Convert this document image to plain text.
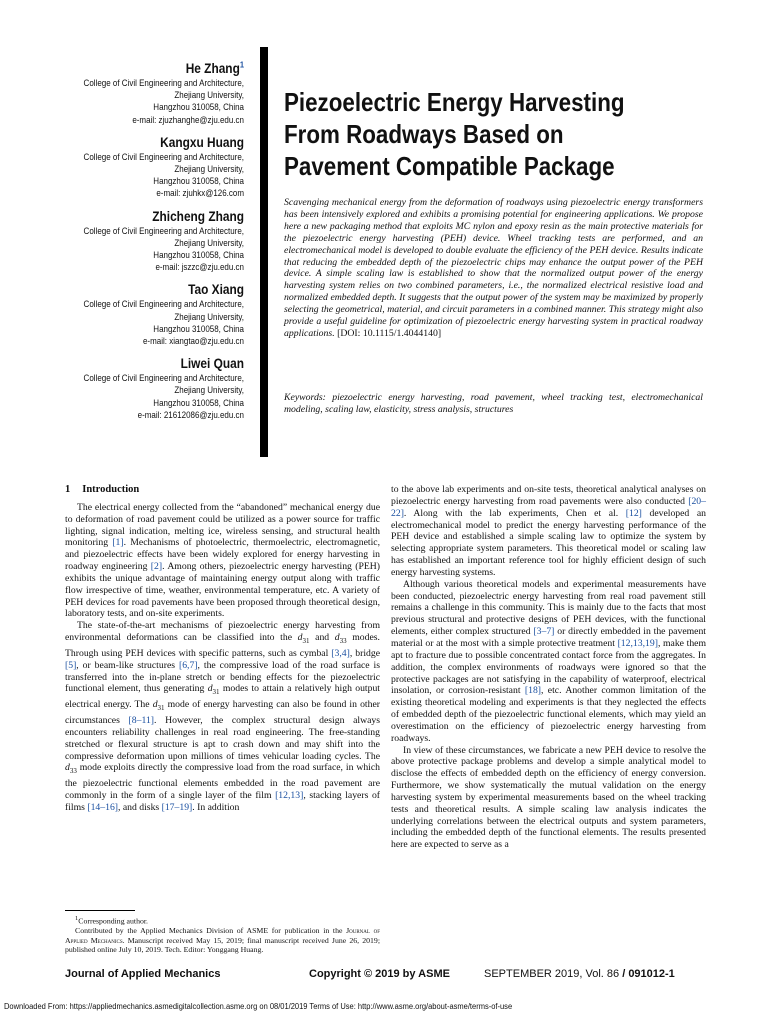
He Zhang$^1$
College of Civil Engineering and Architecture,
Zhejiang University,
Hangzhou 310058, China
e-mail: zjuzhanghe@zju.edu.cn
Kangxu Huang
College of Civil Engineering and Architecture,
Zhejiang University,
Hangzhou 310058, China
e-mail: zjuhkx@126.com
Zhicheng Zhang
College of Civil Engineering and Architecture,
Zhejiang University,
Hangzhou 310058, China
e-mail: jszzc@zju.edu.cn
Tao Xiang
College of Civil Engineering and Architecture,
Zhejiang University,
Hangzhou 310058, China
e-mail: xiangtao@zju.edu.cn
Liwei Quan
College of Civil Engineering and Architecture,
Zhejiang University,
Hangzhou 310058, China
e-mail: 21612086@zju.edu.cn
Piezoelectric Energy Harvesting
From Roadways Based on
Pavement Compatible Package

Scavenging mechanical energy from the deformation of roadways using piezoelectric energy transformers has been intensively explored and exhibits a promising potential for engineering applications. We propose here a new packaging method that exploits MC nylon and epoxy resin as the main protective materials for the piezoelectric energy harvesting (PEH) device. Wheel tracking tests are performed, and an electromechanical model is developed to double evaluate the efficiency of the PEH device. Results indicate that reducing the embedded depth of the piezoelectric chips may enhance the output power of the PEH device. A simple scaling law is established to show that the normalized output power of the energy harvesting system relies on two combined parameters, i.e., the normalized electrical resistive load and normalized embedded depth. It suggests that the output power of the system may be maximized by properly selecting the geometrical, material, and circuit parameters in a combined manner. This strategy might also provide a useful guideline for optimization of piezoelectric energy harvesting system in practical roadway applications. [DOI: 10.1115/1.4044140]

Keywords: piezoelectric energy harvesting, road pavement, wheel tracking test, electromechanical modeling, scaling law, elasticity, stress analysis, structures

1 Introduction

The electrical energy collected from the “abandoned” mechanical energy due to deformation of road pavement could be utilized as a power source for traffic lighting, signal indication, melting ice, wireless sensing, and structural health monitoring [1]. Mechanisms of photoelectric, thermoelectric, electromagnetic, and piezoelectric effects have been widely explored for energy harvesting in roadway engineering [2]. Among others, piezoelectric energy harvesting (PEH) exhibits the unique advantage of maintaining energy output along with traffic flow irrespective of time, weather, environmental temperature, etc. A variety of PEH devices for road pavements have been proposed through theoretical design, laboratory tests, and on-site experiments.

The state-of-the-art mechanisms of piezoelectric energy harvesting from environmental deformations can be classified into the $d_{31}$ and $d_{33}$ modes. Through using PEH devices with specific patterns, such as cymbal [3,4], bridge [5], or beam-like structures [6,7], the compressive load of the road surface is transferred into the in-plane stretch or bending effects for the piezoelectric functional element, thus generating $d_{31}$ modes to attain a relatively high output electrical energy. The $d_{31}$ mode of energy harvesting can also be found in other circumstances [8–11]. However, the complex structural design always encounters reliability challenges in real road engineering. The free-standing stretched or flexural structure is apt to crash down and may shift into the compressive deformation upon millions of times vehicular loading cycles. The $d_{33}$ mode exploits directly the compressive load from the road surface, in which the piezoelectric functional elements embedded in the road pavement are commonly in the form of a single layer of the film [12,13], stacking layers of films [14–16], and disks [17–19]. In addition

to the above lab experiments and on-site tests, theoretical analytical analyses on piezoelectric energy harvesting from road pavements were also conducted [20–22]. Along with the lab experiments, Chen et al. [12] developed an electromechanical model to predict the energy harvesting performance of the PEH device and established a simple scaling law to optimize the system by selecting appropriate system parameters. This theoretical model or scaling law has established an important reference tool for highly efficient design of such energy harvesting systems.

Although various theoretical models and experimental measurements have been conducted, piezoelectric energy harvesting from real road pavement still remains a challenge in this community. This is mainly due to the facts that most previous structural and protective designs of PEH devices, with the functional elements, either complex structured [3–7] or directly embedded in the pavement material or at the most with a simple protective treatment [12,13,19], make them apt to fracture due to possible concentrated contact force from the aggregates. In addition, the complex environments of roadways were ignored so that the protective packages are not satisfying in the capability of waterproof, electrical insolation, or corrosion-resistant [18], etc. Another common limitation of the existing theoretical modeling and experiments is that they neglected the effects of embedded depth of the piezoelectric functional elements, which may yield an overestimation on the efficiency of piezoelectric energy harvesting from roadways.

In view of these circumstances, we fabricate a new PEH device to resolve the above protective package problems and develop a simple analytical model to disclose the effects of embedded depth on the efficiency of energy conversion. Furthermore, we show systematically the mutual validation on the energy harvesting system by experimental measurements based on the wheel tracking tests and theoretical results. A simple scaling law analysis indicates the underlying correlations between the electrical outputs and system parameters, including the embedded depth of the functional elements. The results presented here are expected to serve as a

$^1$Corresponding author.

Contributed by the Applied Mechanics Division of ASME for publication in the Journal of Applied Mechanics. Manuscript received May 15, 2019; final manuscript received June 26, 2019; published online July 10, 2019. Tech. Editor: Yonggang Huang.

Journal of Applied Mechanics	Copyright © 2019 by ASME	SEPTEMBER 2019, Vol. 86 / 091012-1
Downloaded From: https://appliedmechanics.asmedigitalcollection.asme.org on 08/01/2019 Terms of Use: http://www.asme.org/about-asme/terms-of-use
